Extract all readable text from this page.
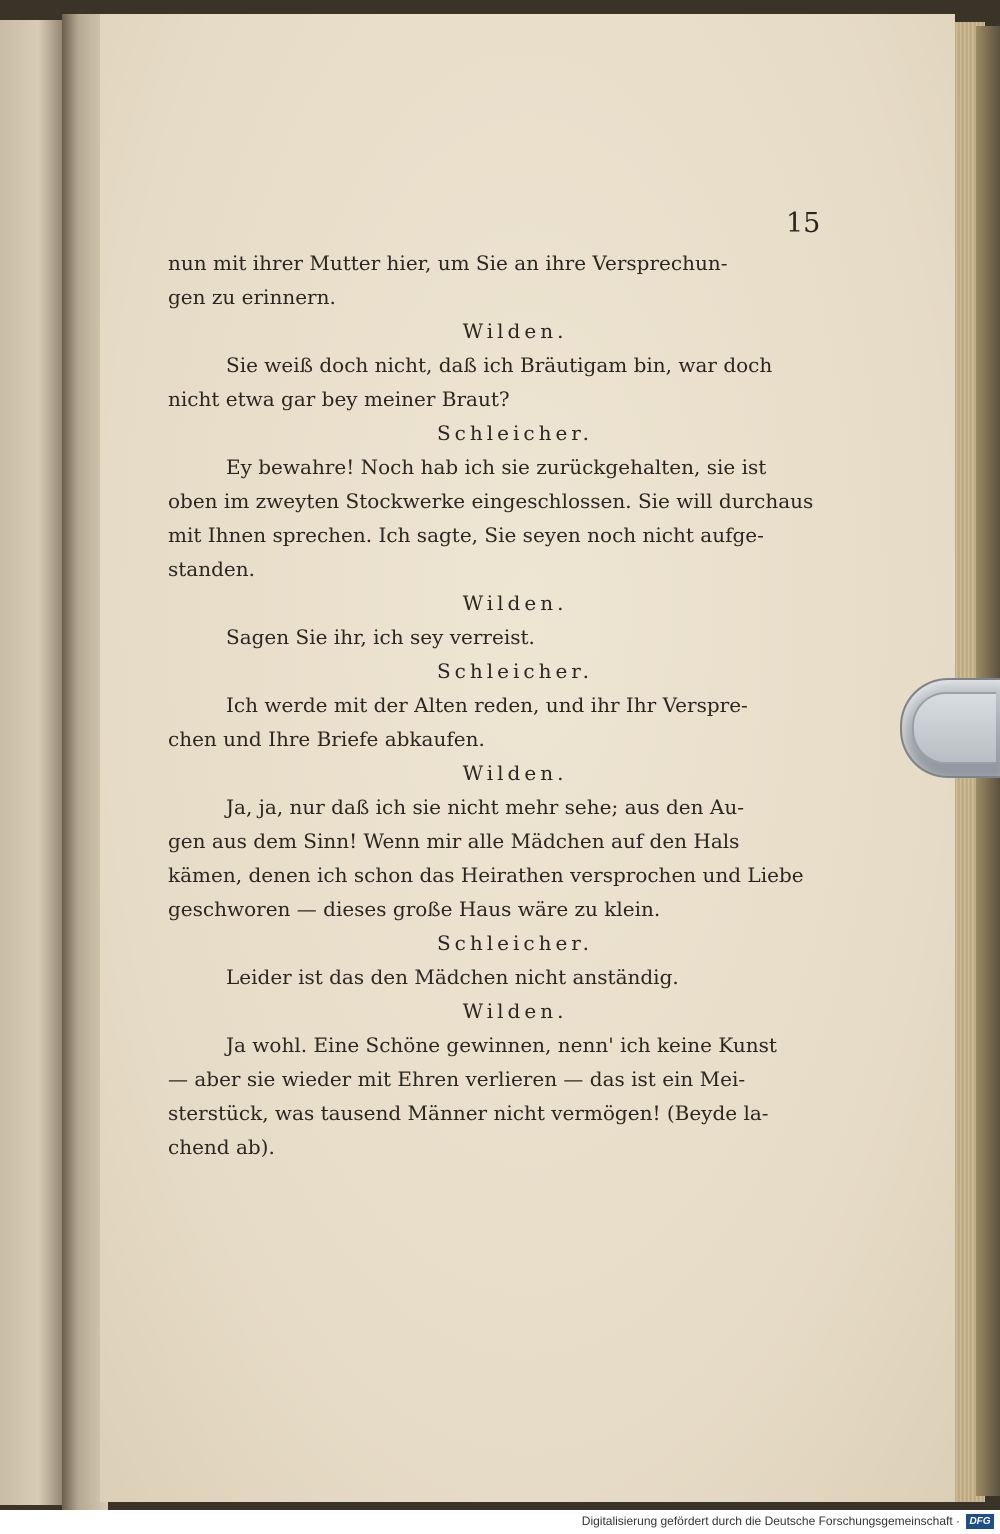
15
nun mit ihrer Mutter hier, um Sie an ihre Versprechun-
gen zu erinnern.
Wilden.
Sie weiß doch nicht, daß ich Bräutigam bin, war doch
nicht etwa gar bey meiner Braut?
Schleicher.
Ey bewahre! Noch hab ich sie zurückgehalten, sie ist
oben im zweyten Stockwerke eingeschlossen. Sie will durchaus
mit Ihnen sprechen. Ich sagte, Sie seyen noch nicht aufge-
standen.
Wilden.
Sagen Sie ihr, ich sey verreist.
Schleicher.
Ich werde mit der Alten reden, und ihr Ihr Verspre-
chen und Ihre Briefe abkaufen.
Wilden.
Ja, ja, nur daß ich sie nicht mehr sehe; aus den Au-
gen aus dem Sinn! Wenn mir alle Mädchen auf den Hals
kämen, denen ich schon das Heirathen versprochen und Liebe
geschworen — dieses große Haus wäre zu klein.
Schleicher.
Leider ist das den Mädchen nicht anständig.
Wilden.
Ja wohl. Eine Schöne gewinnen, nenn' ich keine Kunst
— aber sie wieder mit Ehren verlieren — das ist ein Mei-
sterstück, was tausend Männer nicht vermögen! (Beyde la-
chend ab).
Digitalisierung gefördert durch die Deutsche Forschungsgemeinschaft · DFG
